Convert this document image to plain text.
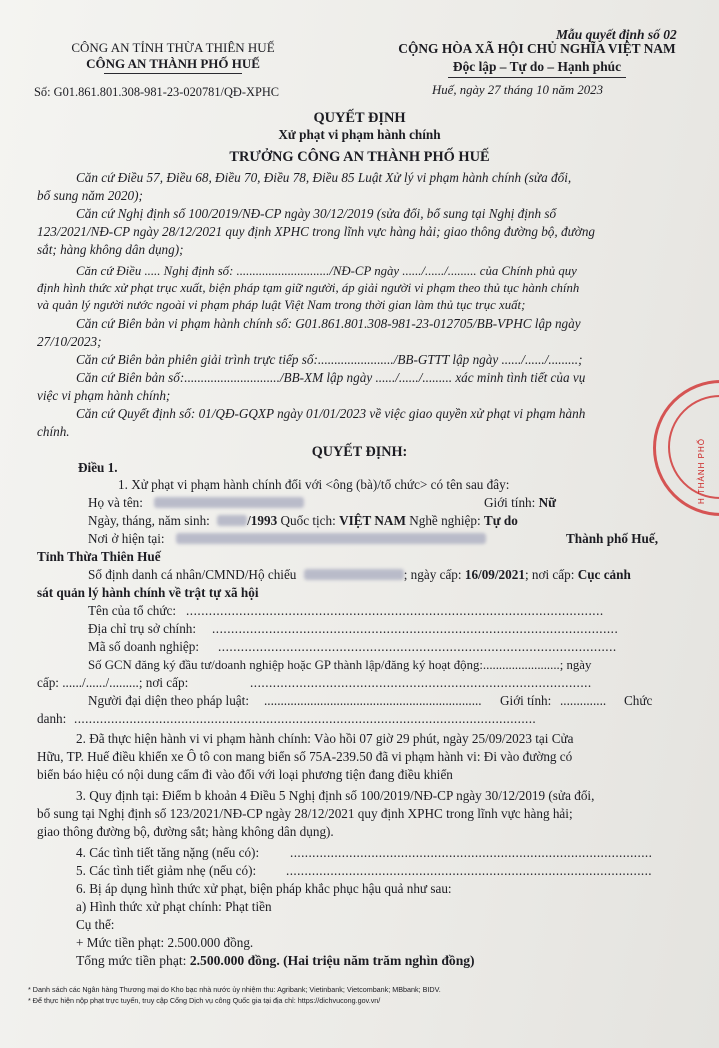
Mẫu quyết định số 02
CÔNG AN TỈNH THỪA THIÊN HUẾ
CÔNG AN THÀNH PHỐ HUẾ
CỘNG HÒA XÃ HỘI CHỦ NGHĨA VIỆT NAM
Độc lập – Tự do – Hạnh phúc
Số: G01.861.801.308-981-23-020781/QĐ-XPHC	Huế, ngày 27 tháng 10 năm 2023
QUYẾT ĐỊNH
Xử phạt vi phạm hành chính
TRƯỞNG CÔNG AN THÀNH PHỐ HUẾ
Căn cứ Điều 57, Điều 68, Điều 70, Điều 78, Điều 85 Luật Xử lý vi phạm hành chính (sửa đổi,
bổ sung năm 2020);
Căn cứ Nghị định số 100/2019/NĐ-CP ngày 30/12/2019 (sửa đổi, bổ sung tại Nghị định số
123/2021/NĐ-CP ngày 28/12/2021 quy định XPHC trong lĩnh vực hàng hải; giao thông đường bộ, đường
sắt; hàng không dân dụng);
Căn cứ Điều ..... Nghị định số: ............................./NĐ-CP ngày ....../....../......... của Chính phủ quy
định hình thức xử phạt trục xuất, biện pháp tạm giữ người, áp giải người vi phạm theo thủ tục hành chính
và quản lý người nước ngoài vi phạm pháp luật Việt Nam trong thời gian làm thủ tục trục xuất;
Căn cứ Biên bản vi phạm hành chính số: G01.861.801.308-981-23-012705/BB-VPHC lập ngày
27/10/2023;
Căn cứ Biên bản phiên giải trình trực tiếp số:......................./BB-GTTT lập ngày ....../....../.........;
Căn cứ Biên bản số:............................./BB-XM lập ngày ....../....../......... xác minh tình tiết của vụ
việc vi phạm hành chính;
Căn cứ Quyết định số: 01/QĐ-GQXP ngày 01/01/2023 về việc giao quyền xử phạt vi phạm hành
chính.
QUYẾT ĐỊNH:
Điều 1.
1. Xử phạt vi phạm hành chính đối với <ông (bà)/tổ chức> có tên sau đây:
Họ và tên:	Giới tính: Nữ
Ngày, tháng, năm sinh:	/1993 Quốc tịch: VIỆT NAM Nghề nghiệp: Tự do
Nơi ở hiện tại:	Thành phố Huế,
Tỉnh Thừa Thiên Huế
Số định danh cá nhân/CMND/Hộ chiếu	; ngày cấp: 16/09/2021; nơi cấp: Cục cảnh
sát quản lý hành chính về trật tự xã hội
Tên của tổ chức: ..............................................................................................................
Địa chỉ trụ sở chính: ...........................................................................................................
Mã số doanh nghiệp: .........................................................................................................
Số GCN đăng ký đầu tư/doanh nghiệp hoặc GP thành lập/đăng ký hoạt động:........................; ngày
cấp: ....../....../.........; nơi cấp:	..........................................................................................
Người đại diện theo pháp luật: .................................................................. Giới tính: .............. Chức
danh: .............................................................................................................................
2. Đã thực hiện hành vi vi phạm hành chính: Vào hồi 07 giờ 29 phút, ngày 25/09/2023 tại Cửa
Hữu, TP. Huế điều khiển xe Ô tô con mang biển số 75A-239.50 đã vi phạm hành vi: Đi vào đường có
biển báo hiệu có nội dung cấm đi vào đối với loại phương tiện đang điều khiển
3. Quy định tại: Điểm b khoản 4 Điều 5 Nghị định số 100/2019/NĐ-CP ngày 30/12/2019 (sửa đổi,
bổ sung tại Nghị định số 123/2021/NĐ-CP ngày 28/12/2021 quy định XPHC trong lĩnh vực hàng hải;
giao thông đường bộ, đường sắt; hàng không dân dụng).
4. Các tình tiết tăng nặng (nếu có): ..................................................................................................
5. Các tình tiết giảm nhẹ (nếu có): ...................................................................................................
6. Bị áp dụng hình thức xử phạt, biện pháp khắc phục hậu quả như sau:
a) Hình thức xử phạt chính: Phạt tiền
Cụ thể:
+ Mức tiền phạt: 2.500.000 đồng.
Tổng mức tiền phạt: 2.500.000 đồng. (Hai triệu năm trăm nghìn đồng)
* Danh sách các Ngân hàng Thương mại do Kho bạc nhà nước ủy nhiệm thu: Agribank; Vietinbank; Vietcombank; MBbank; BIDV.
* Để thực hiện nộp phạt trực tuyến, truy cập Cổng Dịch vụ công Quốc gia tại địa chỉ: https://dichvucong.gov.vn/
H THÀNH PHỐ
